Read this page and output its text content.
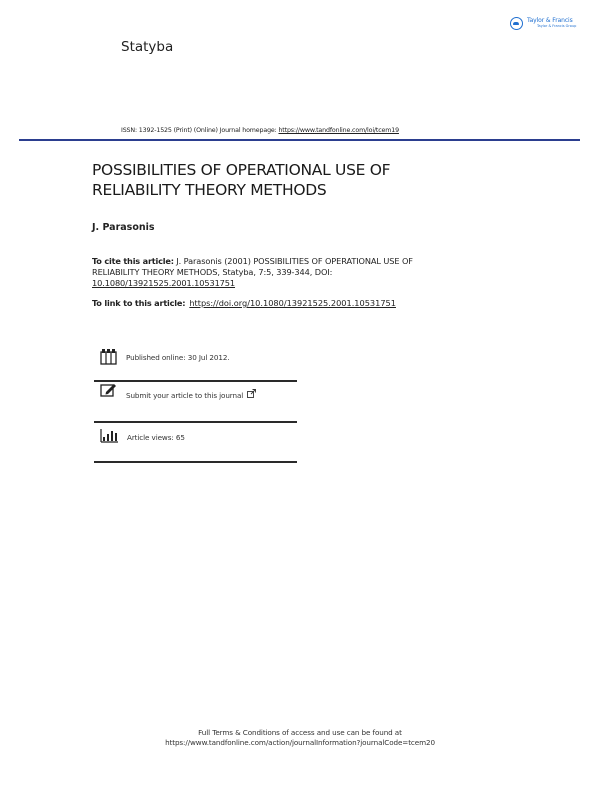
Taylor & Francis
Taylor & Francis Group
Statyba
ISSN: 1392-1525 (Print) (Online) Journal homepage: https://www.tandfonline.com/loi/tcem19
POSSIBILITIES OF OPERATIONAL USE OF RELIABILITY THEORY METHODS
J. Parasonis
To cite this article: J. Parasonis (2001) POSSIBILITIES OF OPERATIONAL USE OF RELIABILITY THEORY METHODS, Statyba, 7:5, 339-344, DOI: 10.1080/13921525.2001.10531751
To link to this article: https://doi.org/10.1080/13921525.2001.10531751
Published online: 30 Jul 2012.
Submit your article to this journal
Article views: 65
Full Terms & Conditions of access and use can be found at
https://www.tandfonline.com/action/journalInformation?journalCode=tcem20
